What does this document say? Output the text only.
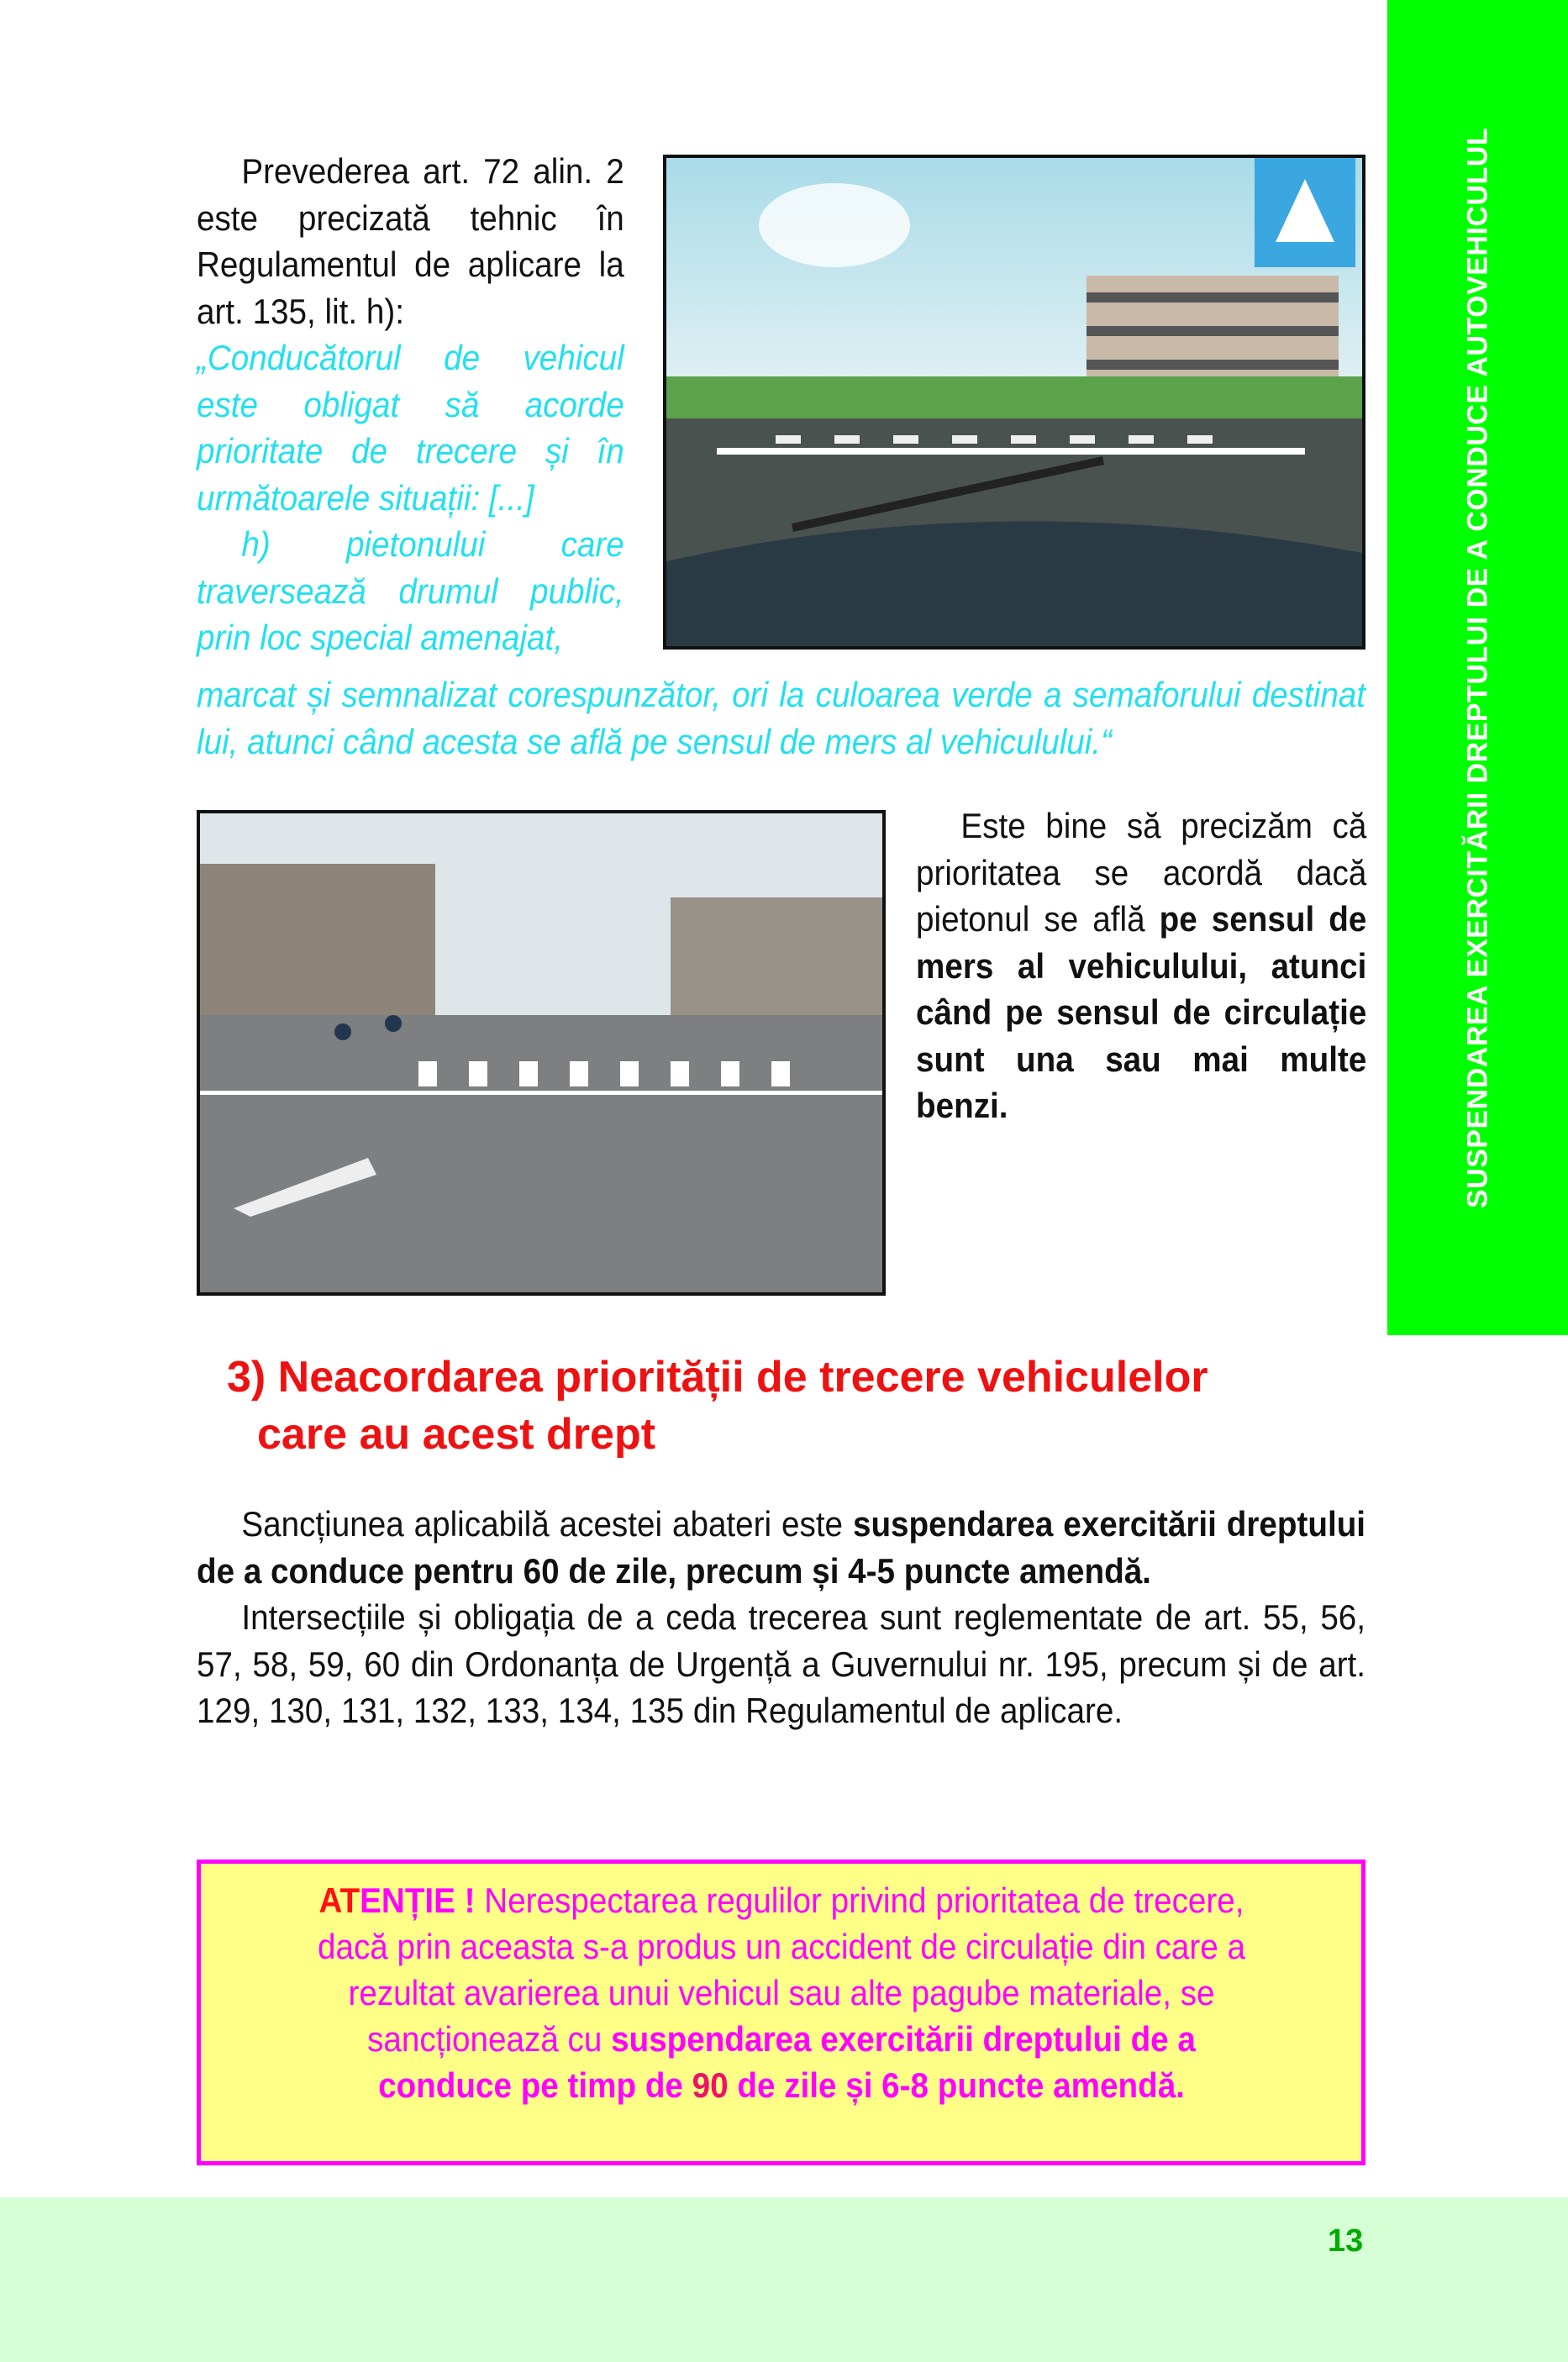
SUSPENDAREA EXERCITĂRII DREPTULUI DE A CONDUCE AUTOVEHICULUL
Prevederea art. 72 alin. 2 este precizată tehnic în Regulamentul de aplicare la art. 135, lit. h):
„Conducătorul de vehicul este obligat să acorde prioritate de trecere și în următoarele situații: [...]
h) pietonului care traversează drumul public, prin loc special amenajat,
marcat și semnalizat corespunzător, ori la culoarea verde a semaforului destinat lui, atunci când acesta se află pe sensul de mers al vehiculului.“
Este bine să precizăm că prioritatea se acordă dacă pietonul se află pe sensul de mers al vehiculului, atunci când pe sensul de circulație sunt una sau mai multe benzi.
3) Neacordarea priorității de trecere vehiculelor
care au acest drept
Sancțiunea aplicabilă acestei abateri este suspendarea exercitării dreptului de a conduce pentru 60 de zile, precum și 4-5 puncte amendă.
Intersecțiile și obligația de a ceda trecerea sunt reglementate de art. 55, 56, 57, 58, 59, 60 din Ordonanța de Urgență a Guvernului nr. 195, precum și de art. 129, 130, 131, 132, 133, 134, 135 din Regulamentul de aplicare.
ATENȚIE ! Nerespectarea regulilor privind prioritatea de trecere, dacă prin aceasta s-a produs un accident de circulație din care a rezultat avarierea unui vehicul sau alte pagube materiale, se sancționează cu suspendarea exercitării dreptului de a conduce pe timp de 90 de zile și 6-8 puncte amendă.
13
